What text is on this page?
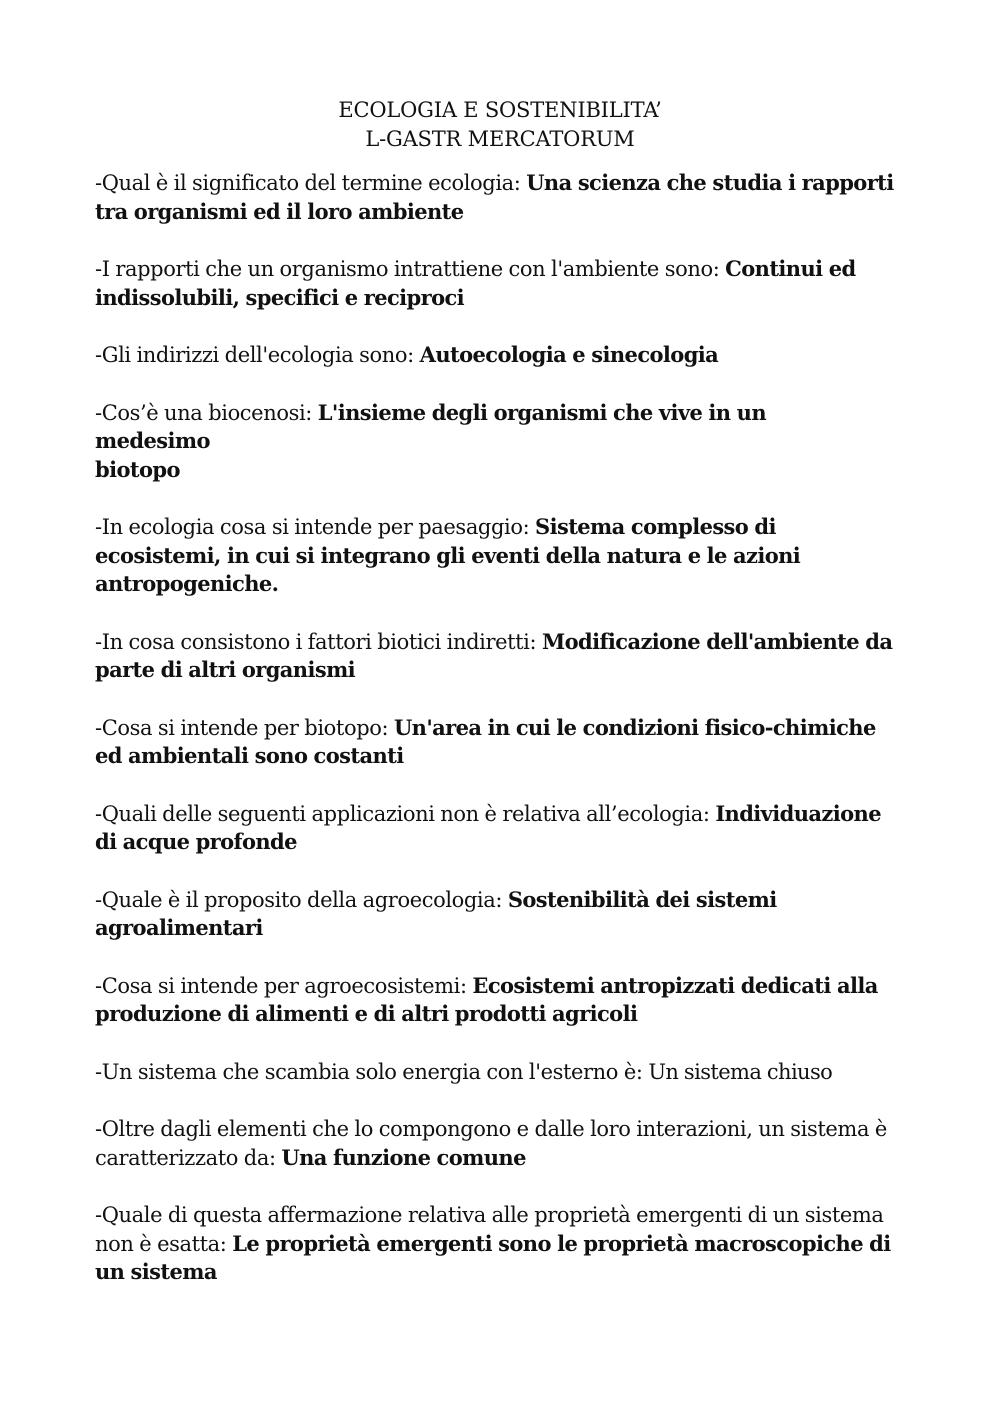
ECOLOGIA E SOSTENIBILITA’
L-GASTR MERCATORUM

-Qual è il significato del termine ecologia: Una scienza che studia i rapporti tra organismi ed il loro ambiente

-I rapporti che un organismo intrattiene con l'ambiente sono: Continui ed indissolubili, specifici e reciproci

-Gli indirizzi dell'ecologia sono: Autoecologia e sinecologia

-Cos’è una biocenosi: L'insieme degli organismi che vive in un
medesimo
biotopo

-In ecologia cosa si intende per paesaggio: Sistema complesso di ecosistemi, in cui si integrano gli eventi della natura e le azioni antropogeniche.

-In cosa consistono i fattori biotici indiretti: Modificazione dell'ambiente da parte di altri organismi

-Cosa si intende per biotopo: Un'area in cui le condizioni fisico-chimiche ed ambientali sono costanti

-Quali delle seguenti applicazioni non è relativa all’ecologia: Individuazione di acque profonde

-Quale è il proposito della agroecologia: Sostenibilità dei sistemi agroalimentari

-Cosa si intende per agroecosistemi: Ecosistemi antropizzati dedicati alla produzione di alimenti e di altri prodotti agricoli

-Un sistema che scambia solo energia con l'esterno è: Un sistema chiuso

-Oltre dagli elementi che lo compongono e dalle loro interazioni, un sistema è caratterizzato da: Una funzione comune

-Quale di questa affermazione relativa alle proprietà emergenti di un sistema non è esatta: Le proprietà emergenti sono le proprietà macroscopiche di un sistema
